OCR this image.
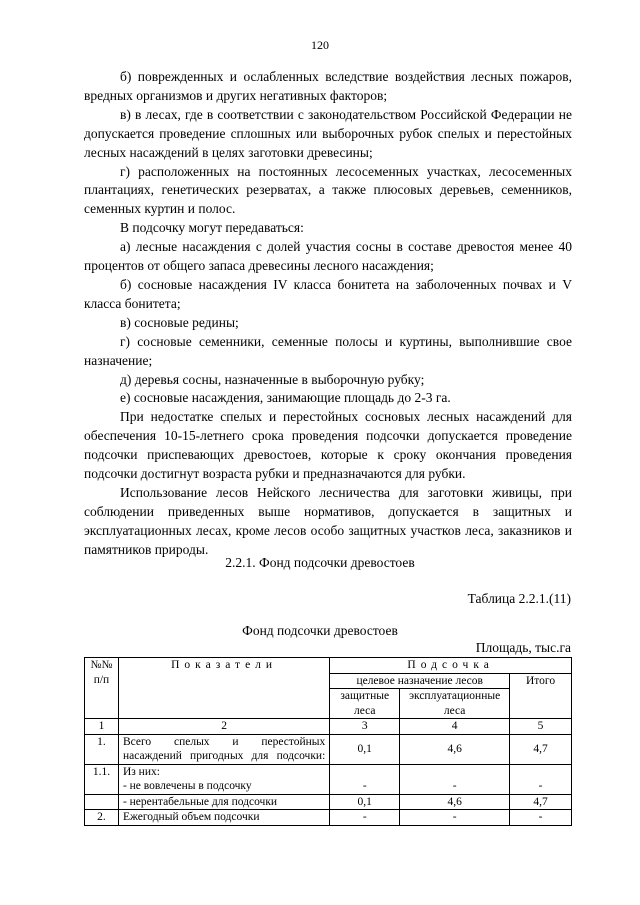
120

б) поврежденных и ослабленных вследствие воздействия лесных пожаров, вредных организмов и других негативных факторов;

в) в лесах, где в соответствии с законодательством Российской Федерации не допускается проведение сплошных или выборочных рубок спелых и перестойных лесных насаждений в целях заготовки древесины;

г) расположенных на постоянных лесосеменных участках, лесосеменных плантациях, генетических резерватах, а также плюсовых деревьев, семенников, семенных куртин и полос.

В подсочку могут передаваться:

а) лесные насаждения с долей участия сосны в составе древостоя менее 40 процентов от общего запаса древесины лесного насаждения;

б) сосновые насаждения IV класса бонитета на заболоченных почвах и V класса бонитета;

в) сосновые редины;

г) сосновые семенники, семенные полосы и куртины, выполнившие свое назначение;

д) деревья сосны, назначенные в выборочную рубку;

е) сосновые насаждения, занимающие площадь до 2-3 га.

При недостатке спелых и перестойных сосновых лесных насаждений для обеспечения 10-15-летнего срока проведения подсочки допускается проведение подсочки приспевающих древостоев, которые к сроку окончания проведения подсочки достигнут возраста рубки и предназначаются для рубки.

Использование лесов Нейского лесничества для заготовки живицы, при соблюдении приведенных выше нормативов, допускается в защитных и эксплуатационных лесах, кроме лесов особо защитных участков леса, заказников и памятников природы.

2.2.1. Фонд подсочки древостоев
Таблица 2.2.1.(11)
Фонд подсочки древостоев
Площадь, тыс.га
№№ п/п	Показатели	Подсочка		
		целевое назначение лесов		Итого
		защитные леса	эксплуатационные леса	
1	2	3	4	5
1.	Всего спелых и перестойных насаждений пригодных для подсочки:	0,1	4,6	4,7
1.1.	Из них:			
	- не вовлечены в подсочку	-	-	-
	- нерентабельные для подсочки	0,1	4,6	4,7
2.	Ежегодный объем подсочки	-	-	-
